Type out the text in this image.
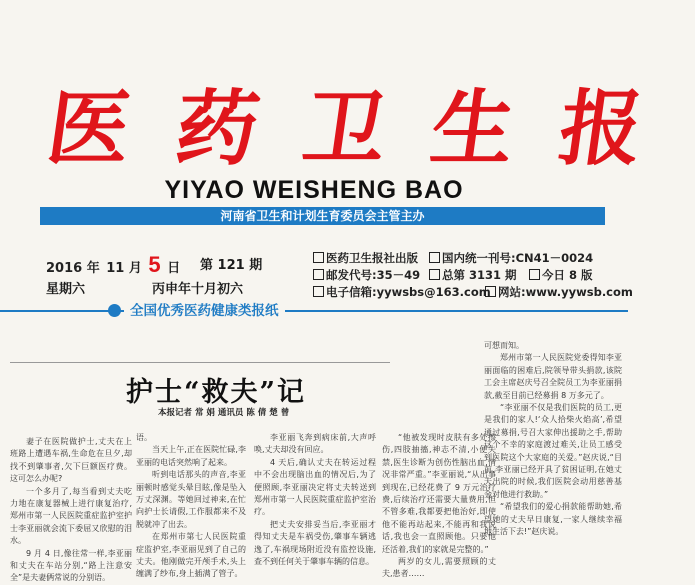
医药卫生报
YIYAO WEISHENG BAO
河南省卫生和计划生育委员会主管主办
2016 年 11 月 5 日 第 121 期
星期六	丙申年十月初六
医药卫生报社出版 国内统一刊号:CN41－0024
邮发代号:35－49 总第 3131 期 今日 8 版
电子信箱:yywsbs@163.com 网站:www.yywsb.com
全国优秀医药健康类报纸
护士“救夫”记
本报记者 常 娟 通讯员 陈 倩 楚 曾

妻子在医院做护士,丈夫在上班路上遭遇车祸,生命危在旦夕,却找不到肇事者,欠下巨额医疗费。这可怎么办呢?

一个多月了,每当看到丈夫吃力地在康复器械上进行康复治疗,郑州市第一人民医院重症监护室护士李亚丽就会流下委屈又欣慰的泪水。

9 月 4 日,像往常一样,李亚丽和丈夫在车站分别,“路上注意安全”是夫妻俩常说的分别语。

语。

当天上午,正在医院忙碌,李亚丽的电话突然响了起来。

听到电话那头的声音,李亚丽顿时感觉头晕目眩,像是坠入万丈深渊。等她回过神来,在忙向护士长请假,工作服都来不及脱就冲了出去。

在郑州市第七人民医院重症监护室,李亚丽见到了自己的丈夫。他刚做完开颅手术,头上缠满了纱布,身上插满了管子。

李亚丽飞奔到病床前,大声呼唤,丈夫却没有回应。

4 天后,确认丈夫在转运过程中不会出现脑出血的情况后,为了便照顾,李亚丽决定将丈夫转送到郑州市第一人民医院重症监护室治疗。

把丈夫安排妥当后,李亚丽才得知丈夫是车祸受伤,肇事车辆逃逸了,车祸现场附近没有监控设施,查不到任何关于肇事车辆的信息。

“他被发现时皮肤有多处擦伤,四肢抽搐,神志不清,小便失禁,医生诊断为创伤性脑出血,情况非常严重。”李亚丽说,“从出事到现在,已经花费了 9 万元治疗费,后续治疗还需要大量费用,但不管多难,我都要把他治好,即使他不能再站起来,不能再和我说话,我也会一直照顾他。只要他还活着,我们的家就是完整的。”

两岁的女儿,需要照顾的丈夫,患者……

可想而知。

郑州市第一人民医院党委得知李亚丽面临的困难后,院领导带头捐款,该院工会主席赵庆号召全院员工为李亚丽捐款,截至目前已经募捐 8 万多元了。

“李亚丽不仅是我们医院的员工,更是我们的家人!‘众人拾柴火焰高’,希望通过募捐,号召大家伸出援助之手,帮助这个不幸的家庭渡过难关,让员工感受到医院这个大家庭的关爱。”赵庆说,“目前,李亚丽已经开具了贫困证明,在她丈夫出院的时候,我们医院会动用慈善基金对他进行救助。”

“希望我们的爱心捐款能帮助她,希望她的丈夫早日康复,一家人继续幸福地生活下去!”赵庆说。
